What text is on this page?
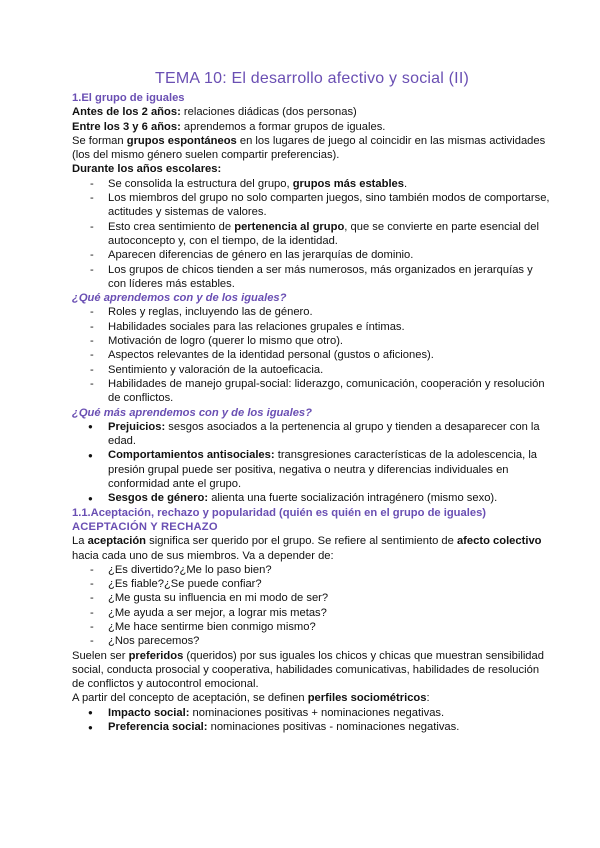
TEMA 10: El desarrollo afectivo y social (II)
1.El grupo de iguales

Antes de los 2 años: relaciones diádicas (dos personas)

Entre los 3 y 6 años: aprendemos a formar grupos de iguales.

Se forman grupos espontáneos en los lugares de juego al coincidir en las mismas actividades (los del mismo género suelen compartir preferencias).

Durante los años escolares:

- Se consolida la estructura del grupo, grupos más estables.
- Los miembros del grupo no solo comparten juegos, sino también modos de comportarse, actitudes y sistemas de valores.
- Esto crea sentimiento de pertenencia al grupo, que se convierte en parte esencial del autoconcepto y, con el tiempo, de la identidad.
- Aparecen diferencias de género en las jerarquías de dominio.
- Los grupos de chicos tienden a ser más numerosos, más organizados en jerarquías y con líderes más estables.
¿Qué aprendemos con y de los iguales?
- Roles y reglas, incluyendo las de género.
- Habilidades sociales para las relaciones grupales e íntimas.
- Motivación de logro (querer lo mismo que otro).
- Aspectos relevantes de la identidad personal (gustos o aficiones).
- Sentimiento y valoración de la autoeficacia.
- Habilidades de manejo grupal-social: liderazgo, comunicación, cooperación y resolución de conflictos.
¿Qué más aprendemos con y de los iguales?
● Prejuicios: sesgos asociados a la pertenencia al grupo y tienden a desaparecer con la edad.
● Comportamientos antisociales: transgresiones características de la adolescencia, la presión grupal puede ser positiva, negativa o neutra y diferencias individuales en conformidad ante el grupo.
● Sesgos de género: alienta una fuerte socialización intragénero (mismo sexo).
1.1.Aceptación, rechazo y popularidad (quién es quién en el grupo de iguales)
ACEPTACIÓN Y RECHAZO

La aceptación significa ser querido por el grupo. Se refiere al sentimiento de afecto colectivo hacia cada uno de sus miembros. Va a depender de:

- ¿Es divertido?¿Me lo paso bien?
- ¿Es fiable?¿Se puede confiar?
- ¿Me gusta su influencia en mi modo de ser?
- ¿Me ayuda a ser mejor, a lograr mis metas?
- ¿Me hace sentirme bien conmigo mismo?
- ¿Nos parecemos?

Suelen ser preferidos (queridos) por sus iguales los chicos y chicas que muestran sensibilidad social, conducta prosocial y cooperativa, habilidades comunicativas, habilidades de resolución de conflictos y autocontrol emocional.

A partir del concepto de aceptación, se definen perfiles sociométricos:

● Impacto social: nominaciones positivas + nominaciones negativas.
● Preferencia social: nominaciones positivas - nominaciones negativas.
